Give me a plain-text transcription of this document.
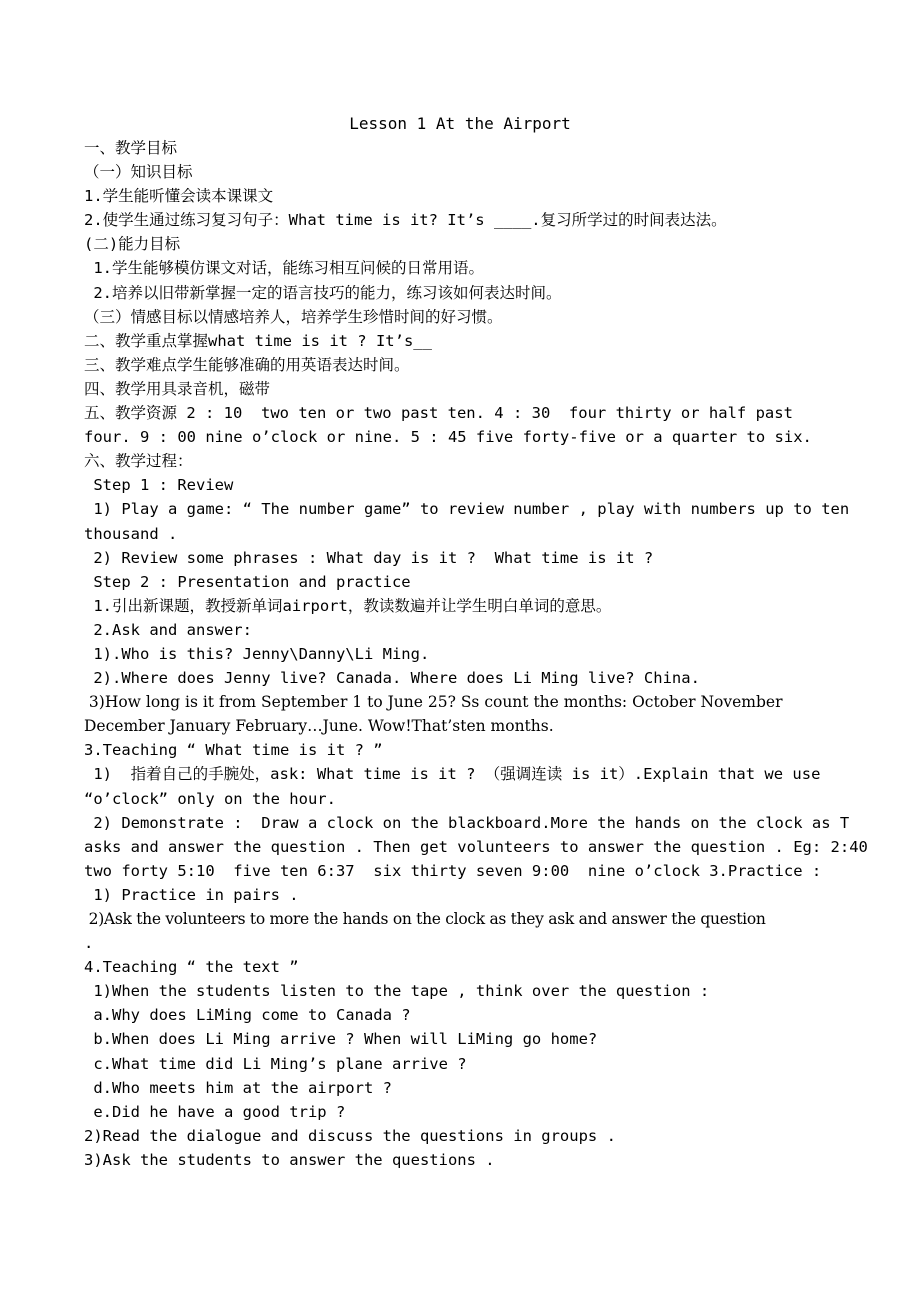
Lesson 1 At the Airport
一、教学目标
（一）知识目标
1.学生能听懂会读本课课文
2.使学生通过练习复习句子：What time is it? It’s ____.复习所学过的时间表达法。
(二)能力目标
1.学生能够模仿课文对话，能练习相互问候的日常用语。
2.培养以旧带新掌握一定的语言技巧的能力，练习该如何表达时间。
（三）情感目标以情感培养人，培养学生珍惜时间的好习惯。
二、教学重点掌握what time is it ? It’s__
三、教学难点学生能够准确的用英语表达时间。
四、教学用具录音机，磁带
五、教学资源 2 : 10  two ten or two past ten. 4 : 30  four thirty or half past
four. 9 : 00 nine o’clock or nine. 5 : 45 five forty-five or a quarter to six.
六、教学过程：
Step 1 : Review
1) Play a game: “ The number game” to review number , play with numbers up to ten
thousand .
2) Review some phrases : What day is it ?  What time is it ?
Step 2 : Presentation and practice
1.引出新课题，教授新单词airport，教读数遍并让学生明白单词的意思。
2.Ask and answer:
1).Who is this? Jenny\Danny\Li Ming.
2).Where does Jenny live? Canada. Where does Li Ming live? China.
3)How long is it from September 1 to June 25? Ss count the months: October November
December January February…June. Wow!That’sten months.
3.Teaching “ What time is it ? ”
1)  指着自己的手腕处，ask: What time is it ? （强调连读 is it）.Explain that we use
“o’clock” only on the hour.
2) Demonstrate :  Draw a clock on the blackboard.More the hands on the clock as T
asks and answer the question . Then get volunteers to answer the question . Eg: 2:40
two forty 5:10  five ten 6:37  six thirty seven 9:00  nine o’clock 3.Practice :
1) Practice in pairs .
2)Ask the volunteers to more the hands on the clock as they ask and answer the question
.
4.Teaching “ the text ”
1)When the students listen to the tape , think over the question :
a.Why does LiMing come to Canada ?
b.When does Li Ming arrive ? When will LiMing go home?
c.What time did Li Ming’s plane arrive ?
d.Who meets him at the airport ?
e.Did he have a good trip ?
2)Read the dialogue and discuss the questions in groups .
3)Ask the students to answer the questions .
